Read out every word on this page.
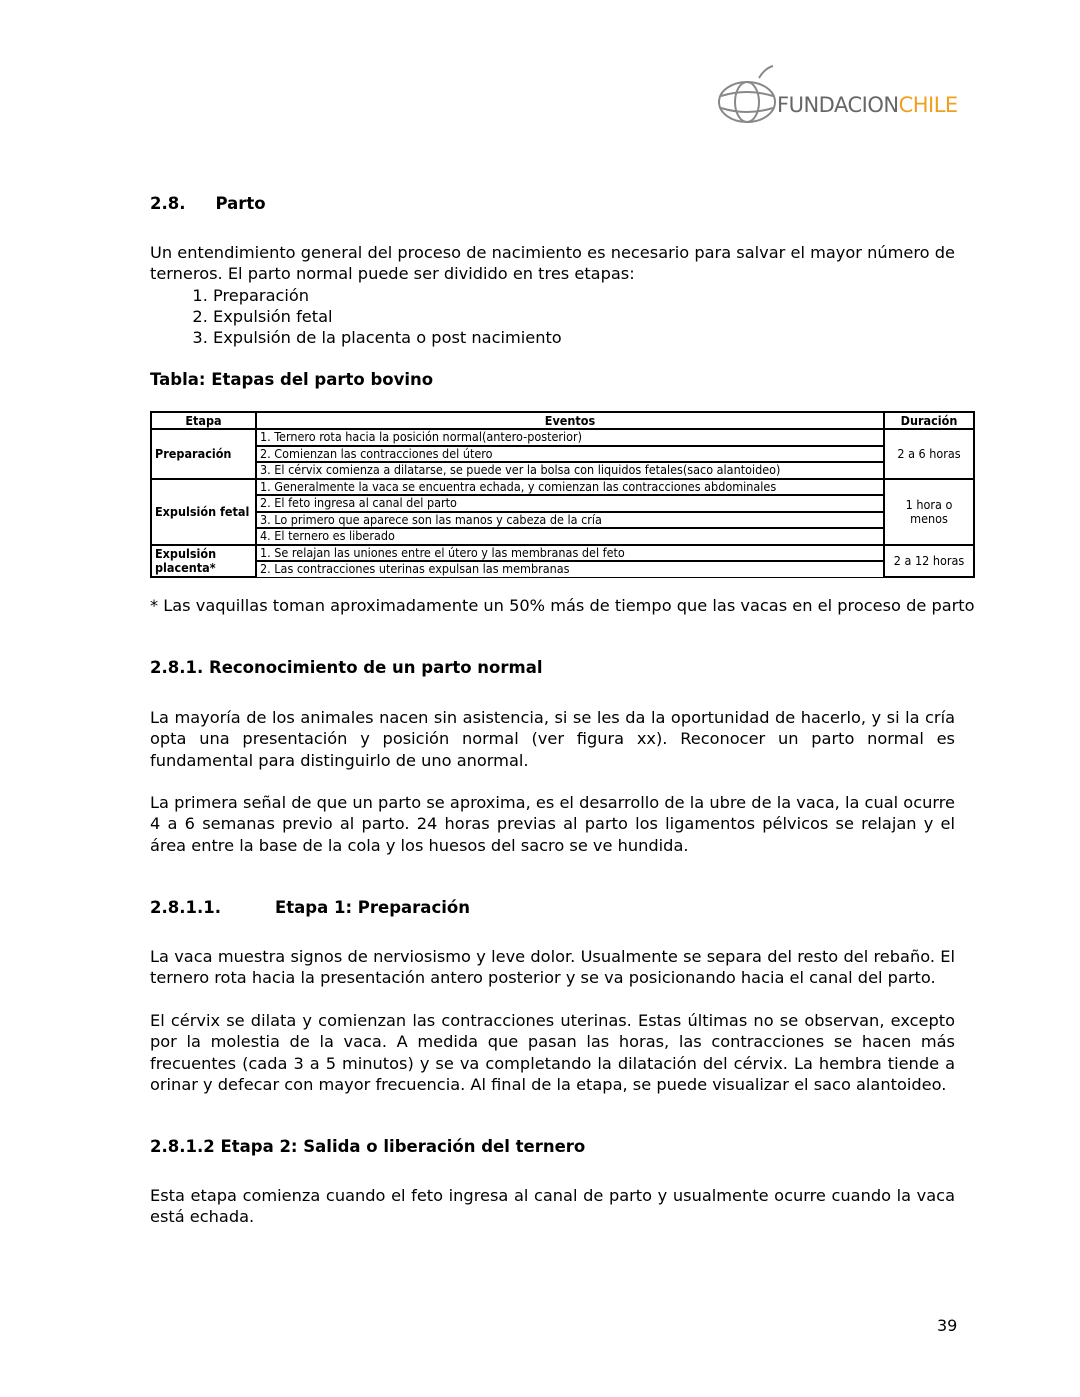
FUNDACIONCHILE
2.8. Parto
Un entendimiento general del proceso de nacimiento es necesario para salvar el mayor número de terneros. El parto normal puede ser dividido en tres etapas:
1. Preparación
2. Expulsión fetal
3. Expulsión de la placenta o post nacimiento
Tabla: Etapas del parto bovino
Etapa	Eventos	Duración
Preparación	1. Ternero rota hacia la posición normal(antero-posterior)	2 a 6 horas
	2. Comienzan las contracciones del útero	
	3. El cérvix comienza a dilatarse, se puede ver la bolsa con liquidos fetales(saco alantoideo)	
Expulsión fetal	1. Generalmente la vaca se encuentra echada, y comienzan las contracciones abdominales	1 hora o menos
	2. El feto ingresa al canal del parto	
	3. Lo primero que aparece son las manos y cabeza de la cría	
	4. El ternero es liberado	
Expulsión placenta*	1. Se relajan las uniones entre el útero y las membranas del feto	2 a 12 horas
	2. Las contracciones uterinas expulsan las membranas	
* Las vaquillas toman aproximadamente un 50% más de tiempo que las vacas en el proceso de parto
2.8.1. Reconocimiento de un parto normal
La mayoría de los animales nacen sin asistencia, si se les da la oportunidad de hacerlo, y si la cría opta una presentación y posición normal (ver figura xx). Reconocer un parto normal es fundamental para distinguirlo de uno anormal.
La primera señal de que un parto se aproxima, es el desarrollo de la ubre de la vaca, la cual ocurre 4 a 6 semanas previo al parto. 24 horas previas al parto los ligamentos pélvicos se relajan y el área entre la base de la cola y los huesos del sacro se ve hundida.
2.8.1.1.	Etapa 1: Preparación
La vaca muestra signos de nerviosismo y leve dolor. Usualmente se separa del resto del rebaño. El ternero rota hacia la presentación antero posterior y se va posicionando hacia el canal del parto.
El cérvix se dilata y comienzan las contracciones uterinas. Estas últimas no se observan, excepto por la molestia de la vaca. A medida que pasan las horas, las contracciones se hacen más frecuentes (cada 3 a 5 minutos) y se va completando la dilatación del cérvix. La hembra tiende a orinar y defecar con mayor frecuencia. Al final de la etapa, se puede visualizar el saco alantoideo.
2.8.1.2 Etapa 2: Salida o liberación del ternero
Esta etapa comienza cuando el feto ingresa al canal de parto y usualmente ocurre cuando la vaca está echada.
39
